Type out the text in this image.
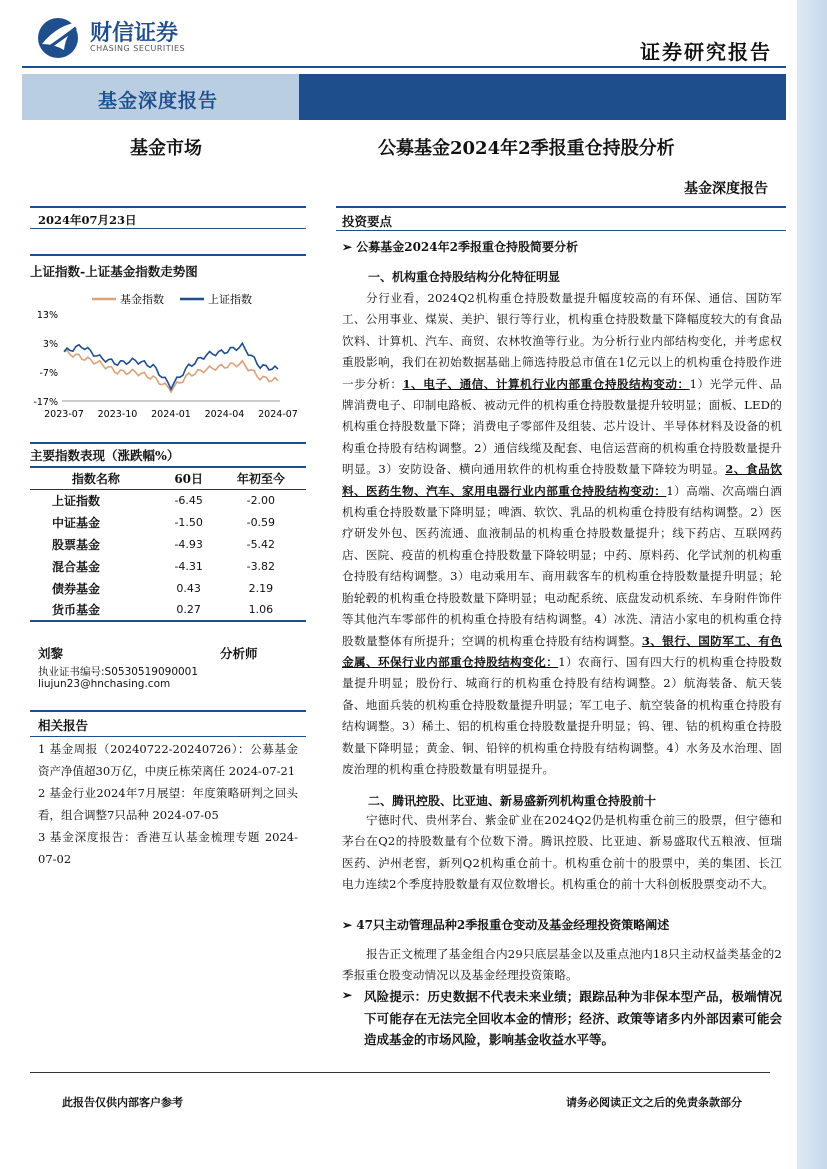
财信证券
CHASING SECURITIES	证券研究报告
基金深度报告
基金市场	公募基金2024年2季报重仓持股分析
基金深度报告
2024年07月23日
上证指数-上证基金指数走势图
基金指数	上证指数
13%
3%
-7%
-17%
2023-07 2023-10 2024-01 2024-04 2024-07
主要指数表现（涨跌幅%）
指数名称	60日	年初至今
上证指数	-6.45	-2.00
中证基金	-1.50	-0.59
股票基金	-4.93	-5.42
混合基金	-4.31	-3.82
债券基金	0.43	2.19
货币基金	0.27	1.06
刘黎	分析师
执业证书编号:S0530519090001
liujun23@hnchasing.com
相关报告
1 基金周报（20240722-20240726）：公募基金资产净值超30万亿，中庚丘栋荣离任 2024-07-21
2 基金行业2024年7月展望：年度策略研判之回头看，组合调整7只品种 2024-07-05
3 基金深度报告：香港互认基金梳理专题 2024-07-02
投资要点
➢ 公募基金2024年2季报重仓持股简要分析
一、机构重仓持股结构分化特征明显
分行业看，2024Q2机构重仓持股数量提升幅度较高的有环保、通信、国防军工、公用事业、煤炭、美护、银行等行业，机构重仓持股数量下降幅度较大的有食品饮料、计算机、汽车、商贸、农林牧渔等行业。为分析行业内部结构变化，并考虑权重股影响，我们在初始数据基础上筛选持股总市值在1亿元以上的机构重仓持股作进一步分析：1、电子、通信、计算机行业内部重仓持股结构变动：1）光学元件、品牌消费电子、印制电路板、被动元件的机构重仓持股数量提升较明显；面板、LED的机构重仓持股数量下降；消费电子零部件及组装、芯片设计、半导体材料及设备的机构重仓持股有结构调整。2）通信线缆及配套、电信运营商的机构重仓持股数量提升明显。3）安防设备、横向通用软件的机构重仓持股数量下降较为明显。2、食品饮料、医药生物、汽车、家用电器行业内部重仓持股结构变动：1）高端、次高端白酒机构重仓持股数量下降明显；啤酒、软饮、乳品的机构重仓持股有结构调整。2）医疗研发外包、医药流通、血液制品的机构重仓持股数量提升；线下药店、互联网药店、医院、疫苗的机构重仓持股数量下降较明显；中药、原料药、化学试剂的机构重仓持股有结构调整。3）电动乘用车、商用载客车的机构重仓持股数量提升明显；轮胎轮毂的机构重仓持股数量下降明显；电动配系统、底盘发动机系统、车身附件饰件等其他汽车零部件的机构重仓持股有结构调整。4）冰洗、清洁小家电的机构重仓持股数量整体有所提升；空调的机构重仓持股有结构调整。3、银行、国防军工、有色金属、环保行业内部重仓持股结构变化：1）农商行、国有四大行的机构重仓持股数量提升明显；股份行、城商行的机构重仓持股有结构调整。2）航海装备、航天装备、地面兵装的机构重仓持股数量提升明显；军工电子、航空装备的机构重仓持股有结构调整。3）稀土、铝的机构重仓持股数量提升明显；钨、锂、钴的机构重仓持股数量下降明显；黄金、铜、铅锌的机构重仓持股有结构调整。4）水务及水治理、固废治理的机构重仓持股数量有明显提升。
二、腾讯控股、比亚迪、新易盛新列机构重仓持股前十
宁德时代、贵州茅台、紫金矿业在2024Q2仍是机构重仓前三的股票，但宁德和茅台在Q2的持股数量有个位数下滑。腾讯控股、比亚迪、新易盛取代五粮液、恒瑞医药、泸州老窖，新列Q2机构重仓前十。机构重仓前十的股票中，美的集团、长江电力连续2个季度持股数量有双位数增长。机构重仓的前十大科创板股票变动不大。
➢ 47只主动管理品种2季报重仓变动及基金经理投资策略阐述
报告正文梳理了基金组合内29只底层基金以及重点池内18只主动权益类基金的2季报重仓股变动情况以及基金经理投资策略。
➢ 风险提示：历史数据不代表未来业绩；跟踪品种为非保本型产品，极端情况下可能存在无法完全回收本金的情形；经济、政策等诸多内外部因素可能会造成基金的市场风险，影响基金收益水平等。
此报告仅供内部客户参考	请务必阅读正文之后的免责条款部分
